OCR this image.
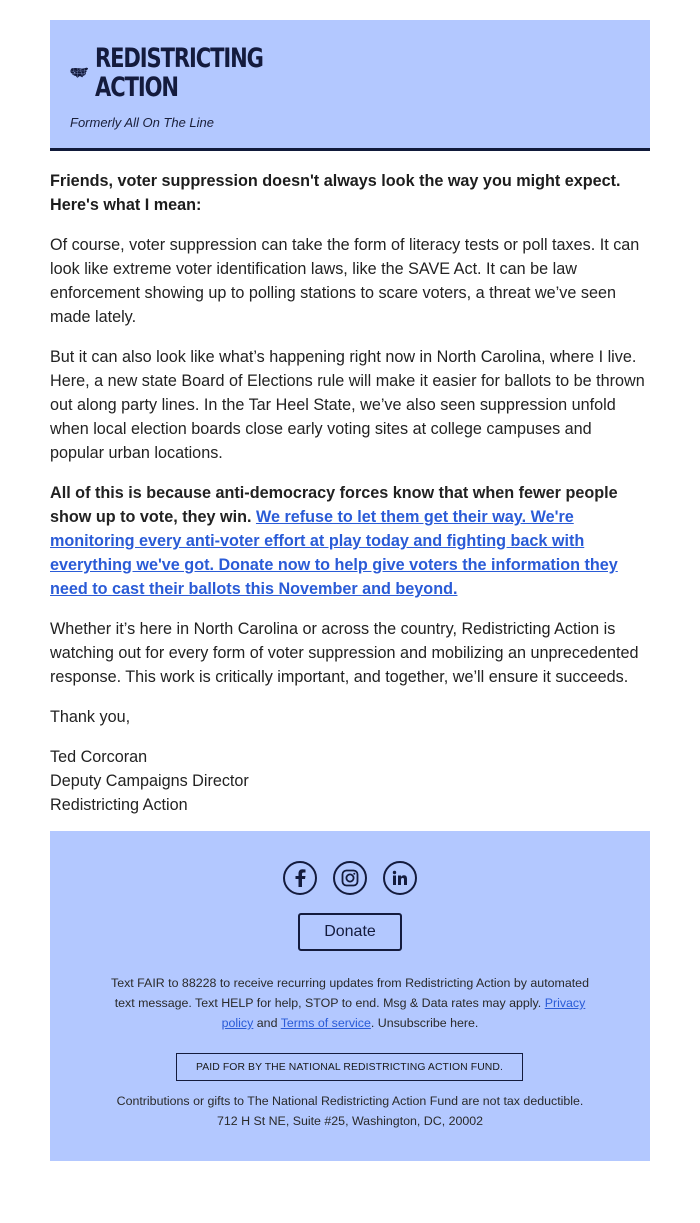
REDISTRICTING
ACTION
Formerly All On The Line

Friends, voter suppression doesn't always look the way you might expect. Here's what I mean:

Of course, voter suppression can take the form of literacy tests or poll taxes. It can look like extreme voter identification laws, like the SAVE Act. It can be law enforcement showing up to polling stations to scare voters, a threat we’ve seen made lately.

But it can also look like what’s happening right now in North Carolina, where I live. Here, a new state Board of Elections rule will make it easier for ballots to be thrown out along party lines. In the Tar Heel State, we’ve also seen suppression unfold when local election boards close early voting sites at college campuses and popular urban locations.

All of this is because anti-democracy forces know that when fewer people show up to vote, they win. We refuse to let them get their way. We're monitoring every anti-voter effort at play today and fighting back with everything we've got. Donate now to help give voters the information they need to cast their ballots this November and beyond.

Whether it’s here in North Carolina or across the country, Redistricting Action is watching out for every form of voter suppression and mobilizing an unprecedented response. This work is critically important, and together, we’ll ensure it succeeds.

Thank you,

Ted Corcoran
Deputy Campaigns Director
Redistricting Action
Donate
Text FAIR to 88228 to receive recurring updates from Redistricting Action by automated text message. Text HELP for help, STOP to end. Msg & Data rates may apply. Privacy policy and Terms of service. Unsubscribe here.
PAID FOR BY THE NATIONAL REDISTRICTING ACTION FUND.
Contributions or gifts to The National Redistricting Action Fund are not tax deductible.
712 H St NE, Suite #25, Washington, DC, 20002
